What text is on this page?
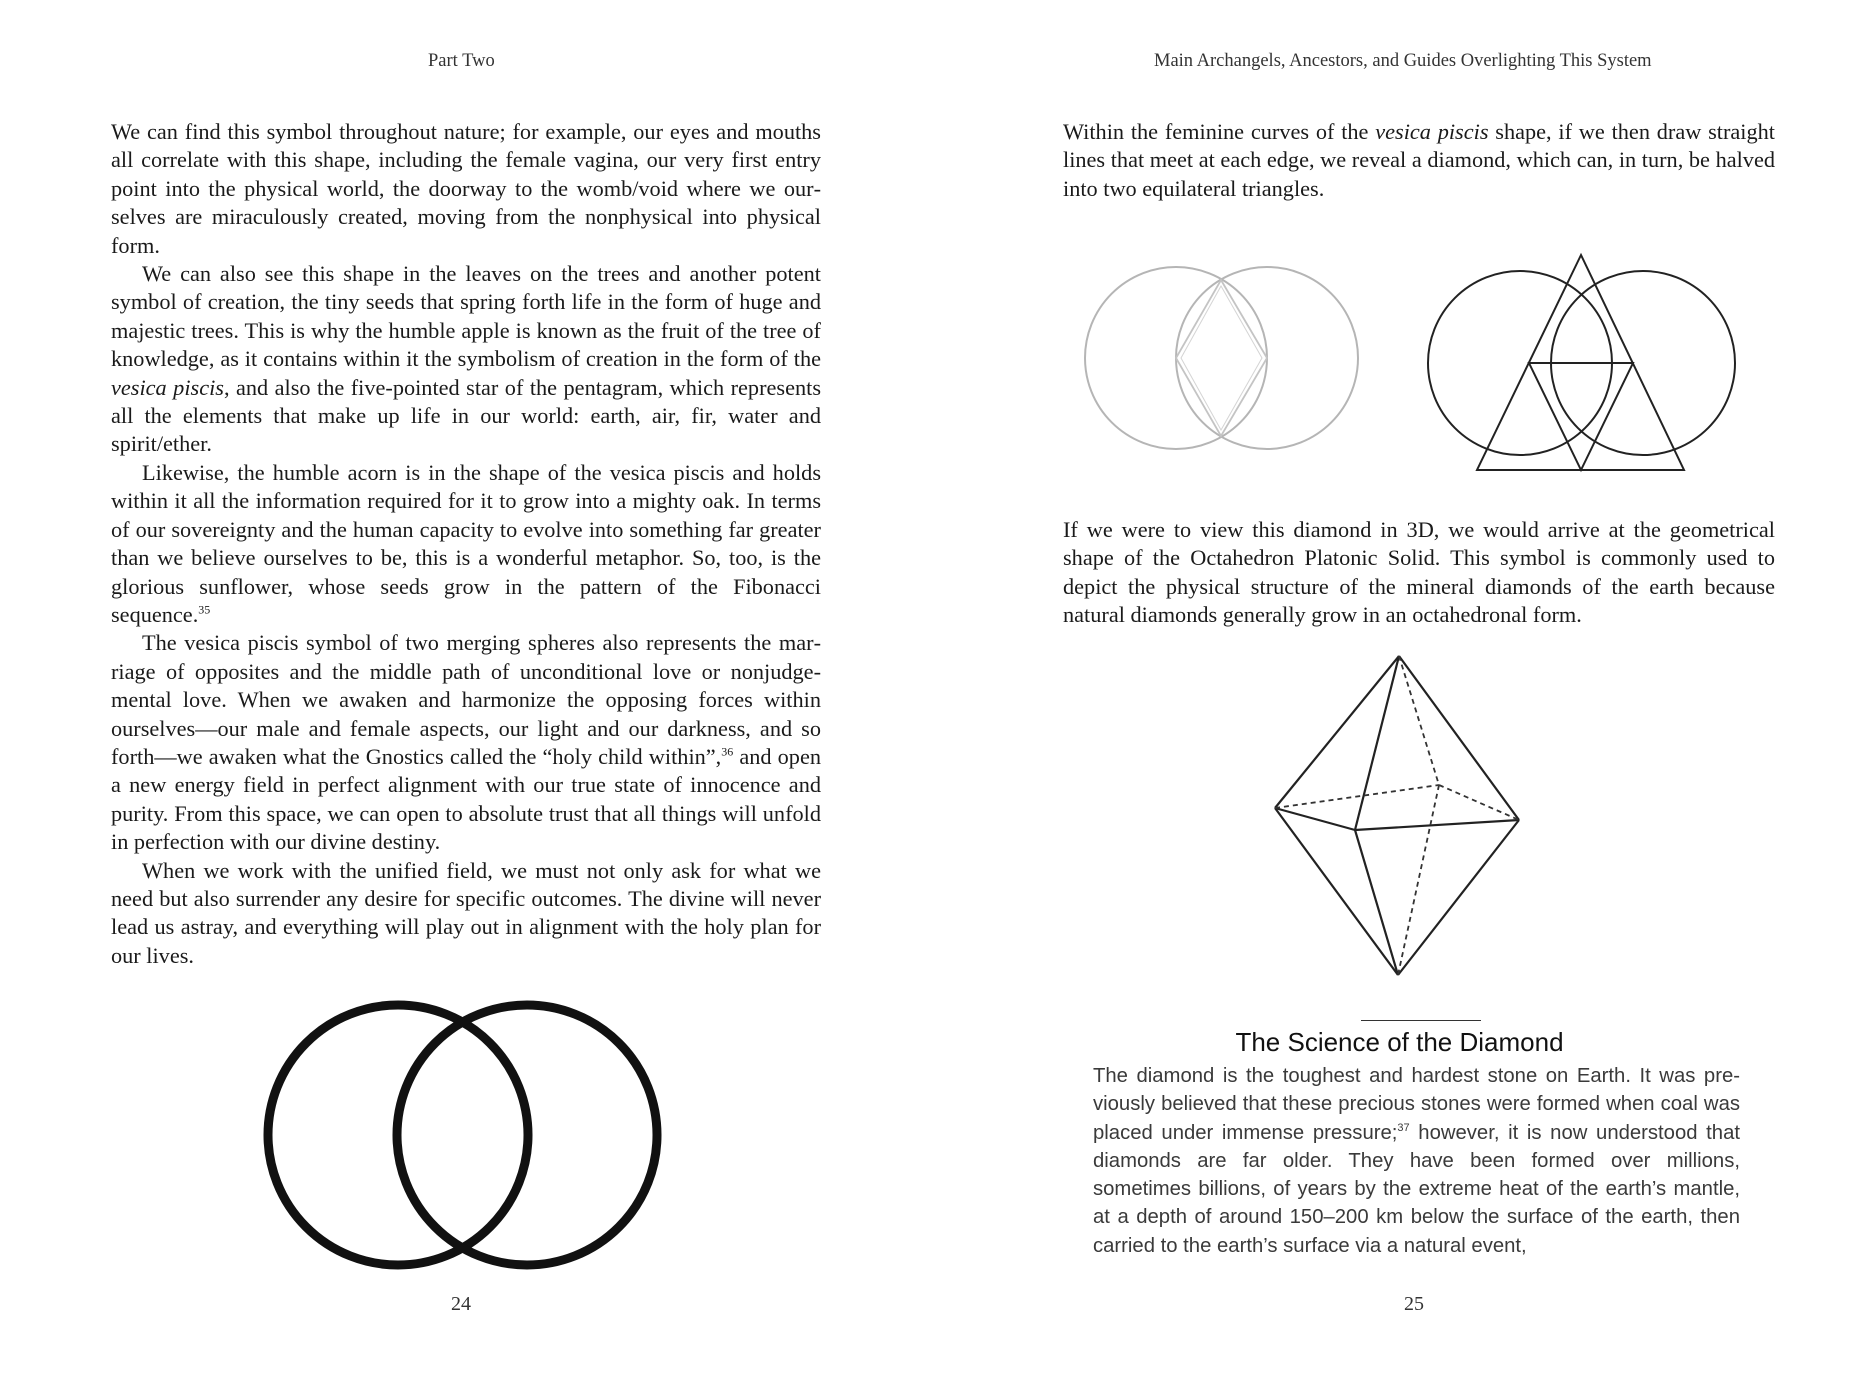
Part Two

We can find this symbol throughout nature; for example, our eyes and mouths all correlate with this shape, including the female vagina, our very first entry point into the physical world, the doorway to the womb/void where we ourselves are miraculously created, moving from the nonphysical into physical form.

We can also see this shape in the leaves on the trees and another potent symbol of creation, the tiny seeds that spring forth life in the form of huge and majestic trees. This is why the humble apple is known as the fruit of the tree of knowledge, as it contains within it the symbolism of creation in the form of the vesica piscis, and also the five-pointed star of the pentagram, which represents all the elements that make up life in our world: earth, air, fir, water and spirit/ether.

Likewise, the humble acorn is in the shape of the vesica piscis and holds within it all the information required for it to grow into a mighty oak. In terms of our sovereignty and the human capacity to evolve into something far greater than we believe ourselves to be, this is a wonderful metaphor. So, too, is the glorious sunflower, whose seeds grow in the pattern of the Fibonacci sequence.$^{35}$

The vesica piscis symbol of two merging spheres also represents the marriage of opposites and the middle path of unconditional love or nonjudgemental love. When we awaken and harmonize the opposing forces within ourselves—our male and female aspects, our light and our darkness, and so forth—we awaken what the Gnostics called the “holy child within”,$^{36}$ and open a new energy field in perfect alignment with our true state of innocence and purity. From this space, we can open to absolute trust that all things will unfold in perfection with our divine destiny.

When we work with the unified field, we must not only ask for what we need but also surrender any desire for specific outcomes. The divine will never lead us astray, and everything will play out in alignment with the holy plan for our lives.

24
Main Archangels, Ancestors, and Guides Overlighting This System

Within the feminine curves of the vesica piscis shape, if we then draw straight lines that meet at each edge, we reveal a diamond, which can, in turn, be halved into two equilateral triangles.

If we were to view this diamond in 3D, we would arrive at the geometrical shape of the Octahedron Platonic Solid. This symbol is commonly used to depict the physical structure of the mineral diamonds of the earth because natural diamonds generally grow in an octahedronal form.

The Science of the Diamond

The diamond is the toughest and hardest stone on Earth. It was previously believed that these precious stones were formed when coal was placed under immense pressure;$^{37}$ however, it is now understood that diamonds are far older. They have been formed over millions, sometimes billions, of years by the extreme heat of the earth’s mantle, at a depth of around 150–200 km below the surface of the earth, then carried to the earth’s surface via a natural event,

25
